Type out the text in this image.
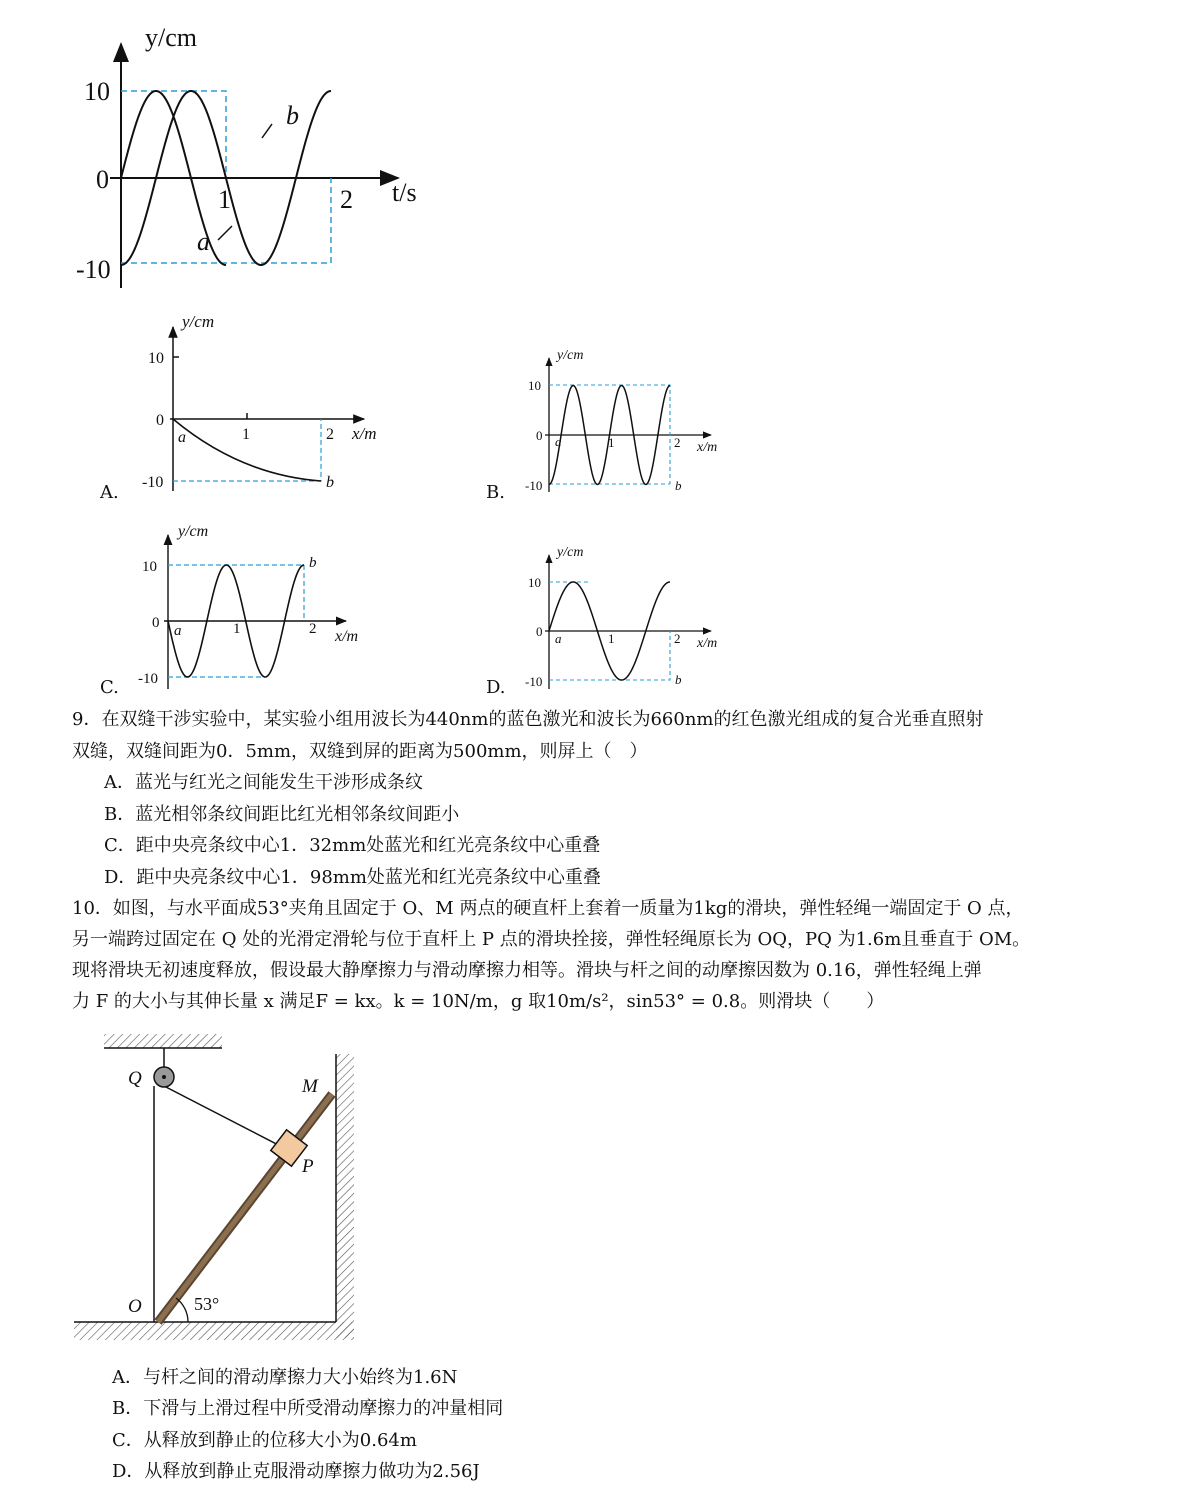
y/cm
t/s
10
0
-10
1	2
b
a
A.
y/cm
x/m
10
0
-10
1	2
a
b	B.
y/cm
x/m
10
0
-10
1	2
a
b
C.
y/cm
x/m
10
0
-10
1	2
a
b
D.
y/cm
x/m
10
0
-10
1	2
a
b
9．在双缝干涉实验中，某实验小组用波长为440nm的蓝色激光和波长为660nm的红色激光组成的复合光垂直照射
双缝，双缝间距为0．5mm，双缝到屏的距离为500mm，则屏上（　）
A．蓝光与红光之间能发生干涉形成条纹
B．蓝光相邻条纹间距比红光相邻条纹间距小
C．距中央亮条纹中心1．32mm处蓝光和红光亮条纹中心重叠
D．距中央亮条纹中心1．98mm处蓝光和红光亮条纹中心重叠
10．如图，与水平面成53°夹角且固定于 O、M 两点的硬直杆上套着一质量为1kg的滑块，弹性轻绳一端固定于 O 点，
另一端跨过固定在 Q 处的光滑定滑轮与位于直杆上 P 点的滑块拴接，弹性轻绳原长为 OQ，PQ 为1.6m且垂直于 OM。
现将滑块无初速度释放，假设最大静摩擦力与滑动摩擦力相等。滑块与杆之间的动摩擦因数为 0.16，弹性轻绳上弹
力 F 的大小与其伸长量 x 满足F = kx。k = 10N/m，g 取10m/s²，sin53° = 0.8。则滑块（　　）
Q	M
P
O	53°
A．与杆之间的滑动摩擦力大小始终为1.6N
B．下滑与上滑过程中所受滑动摩擦力的冲量相同
C．从释放到静止的位移大小为0.64m
D．从释放到静止克服滑动摩擦力做功为2.56J
